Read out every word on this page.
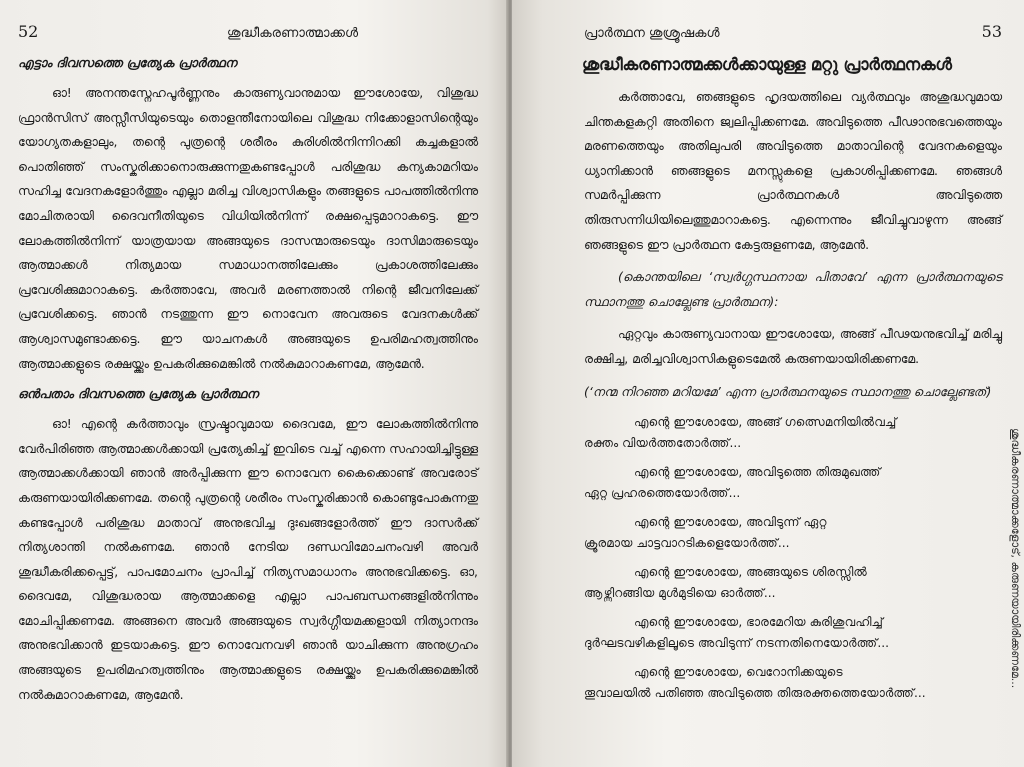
52	ശുദ്ധീകരണാത്മാക്കൾ
എട്ടാം ദിവസത്തെ പ്രത്യേക പ്രാർത്ഥന

ഓ! അനന്തസ്നേഹപൂർണ്ണനും കാരുണ്യവാനുമായ ഈശോയേ, വിശുദ്ധ ഫ്രാൻസിസ് അസ്സീസിയുടെയും തൊളന്തീനോയിലെ വിശുദ്ധ നിക്കോളാസിന്റെയും യോഗ്യതകളാലും, തന്റെ പുത്രന്റെ ശരീരം കുരിശിൽനിന്നിറക്കി കച്ചകളാൽ പൊതിഞ്ഞ് സംസ്കരിക്കാനൊരുക്കുന്നതുകണ്ടപ്പോൾ പരിശുദ്ധ കന്യകാമറിയം സഹിച്ച വേദനകളോർത്തും എല്ലാ മരിച്ച വിശ്വാസികളും തങ്ങളുടെ പാപത്തിൽനിന്നു മോചിതരായി ദൈവനീതിയുടെ വിധിയിൽനിന്ന് രക്ഷപ്പെടുമാറാകട്ടെ. ഈ ലോകത്തിൽനിന്ന് യാത്രയായ അങ്ങയുടെ ദാസന്മാരുടെയും ദാസിമാരുടെയും ആത്മാക്കൾ നിത്യമായ സമാധാനത്തിലേക്കും പ്രകാശത്തിലേക്കും പ്രവേശിക്കുമാറാകട്ടെ. കർത്താവേ, അവർ മരണത്താൽ നിന്റെ ജീവനിലേക്ക് പ്രവേശിക്കട്ടെ. ഞാൻ നടത്തുന്ന ഈ നൊവേന അവരുടെ വേദനകൾക്ക് ആശ്വാസമുണ്ടാക്കട്ടെ. ഈ യാചനകൾ അങ്ങയുടെ ഉപരിമഹത്വത്തിനും ആത്മാക്കളുടെ രക്ഷയ്ക്കും ഉപകരിക്കുമെങ്കിൽ നൽകുമാറാകണമേ, ആമേൻ.

ഒൻപതാം ദിവസത്തെ പ്രത്യേക പ്രാർത്ഥന

ഓ! എന്റെ കർത്താവും സ്രഷ്ടാവുമായ ദൈവമേ, ഈ ലോകത്തിൽനിന്നു വേർപിരിഞ്ഞ ആത്മാക്കൾക്കായി പ്രത്യേകിച്ച് ഇവിടെ വച്ച് എന്നെ സഹായിച്ചിട്ടുള്ള ആത്മാക്കൾക്കായി ഞാൻ അർപ്പിക്കുന്ന ഈ നൊവേന കൈക്കൊണ്ട് അവരോട് കരുണയായിരിക്കണമേ. തന്റെ പുത്രന്റെ ശരീരം സംസ്കരിക്കാൻ കൊണ്ടുപോകുന്നതു കണ്ടപ്പോൾ പരിശുദ്ധ മാതാവ് അനുഭവിച്ച ദുഃഖങ്ങളോർത്ത് ഈ ദാസർക്ക് നിത്യശാന്തി നൽകണമേ. ഞാൻ നേടിയ ദണ്ഡവിമോചനംവഴി അവർ ശുദ്ധീകരിക്കപ്പെട്ട്, പാപമോചനം പ്രാപിച്ച് നിത്യസമാധാനം അനുഭവിക്കട്ടെ. ഓ, ദൈവമേ, വിശുദ്ധരായ ആത്മാക്കളെ എല്ലാ പാപബന്ധനങ്ങളിൽനിന്നും മോചിപ്പിക്കണമേ. അങ്ങനെ അവർ അങ്ങയുടെ സ്വർഗ്ഗീയമക്കളായി നിത്യാനന്ദം അനുഭവിക്കാൻ ഇടയാകട്ടെ. ഈ നൊവേനവഴി ഞാൻ യാചിക്കുന്ന അനുഗ്രഹം അങ്ങയുടെ ഉപരിമഹത്വത്തിനും ആത്മാക്കളുടെ രക്ഷയ്ക്കും ഉപകരിക്കുമെങ്കിൽ നൽകുമാറാകണമേ, ആമേൻ.

പ്രാർത്ഥന ശുശ്രൂഷകൾ	53
ശുദ്ധീകരണാത്മക്കൾക്കായുള്ള മറ്റു പ്രാർത്ഥനകൾ

കർത്താവേ, ഞങ്ങളുടെ ഹൃദയത്തിലെ വ്യർത്ഥവും അശുദ്ധവുമായ ചിന്തകളകറ്റി അതിനെ ജ്വലിപ്പിക്കണമേ. അവിടുത്തെ പീഢാനുഭവത്തെയും മരണത്തെയും അതിലുപരി അവിടുത്തെ മാതാവിന്റെ വേദനകളെയും ധ്യാനിക്കാൻ ഞങ്ങളുടെ മനസ്സുകളെ പ്രകാശിപ്പിക്കണമേ. ഞങ്ങൾ സമർപ്പിക്കുന്ന പ്രാർത്ഥനകൾ അവിടുത്തെ തിരുസന്നിധിയിലെത്തുമാറാകട്ടെ. എന്നെന്നും ജീവിച്ചുവാഴുന്ന അങ്ങ് ഞങ്ങളുടെ ഈ പ്രാർത്ഥന കേട്ടരുളണമേ, ആമേൻ.

(കൊന്തയിലെ ‘സ്വർഗ്ഗസ്ഥനായ പിതാവേ’ എന്ന പ്രാർത്ഥനയുടെ സ്ഥാനത്തു ചൊല്ലേണ്ട പ്രാർത്ഥന):

ഏറ്റവും കാരുണ്യവാനായ ഈശോയേ, അങ്ങ് പീഢയനുഭവിച്ച് മരിച്ചു രക്ഷിച്ച, മരിച്ചവിശ്വാസികളുടെമേൽ കരുണയായിരിക്കണമേ.

(‘നന്മ നിറഞ്ഞ മറിയമേ’ എന്ന പ്രാർത്ഥനയുടെ സ്ഥാനത്തു ചൊല്ലേണ്ടത്)

എന്റെ ഈശോയേ, അങ്ങ് ഗത്സെമനിയിൽവച്ച്
രക്തം വിയർത്തതോർത്ത്...
എന്റെ ഈശോയേ, അവിടുത്തെ തിരുമുഖത്ത്
ഏറ്റ പ്രഹരത്തെയോർത്ത്...
എന്റെ ഈശോയേ, അവിടുന്ന് ഏറ്റ
ക്രൂരമായ ചാട്ടവാറടികളെയോർത്ത്...
എന്റെ ഈശോയേ, അങ്ങയുടെ ശിരസ്സിൽ
ആഴ്ന്നിറങ്ങിയ മുൾമുടിയെ ഓർത്ത്...
എന്റെ ഈശോയേ, ഭാരമേറിയ കുരിശുവഹിച്ച്
ദുർഘടവഴികളിലൂടെ അവിടുന്ന് നടന്നതിനെയോർത്ത്...
എന്റെ ഈശോയേ, വെറോനിക്കയുടെ
തൂവാലയിൽ പതിഞ്ഞ അവിടുത്തെ തിരുരക്തത്തെയോർത്ത്...
ശുദ്ധീകരണാത്മാക്കളോട്, കരുണയായിരിക്കണമേ...
